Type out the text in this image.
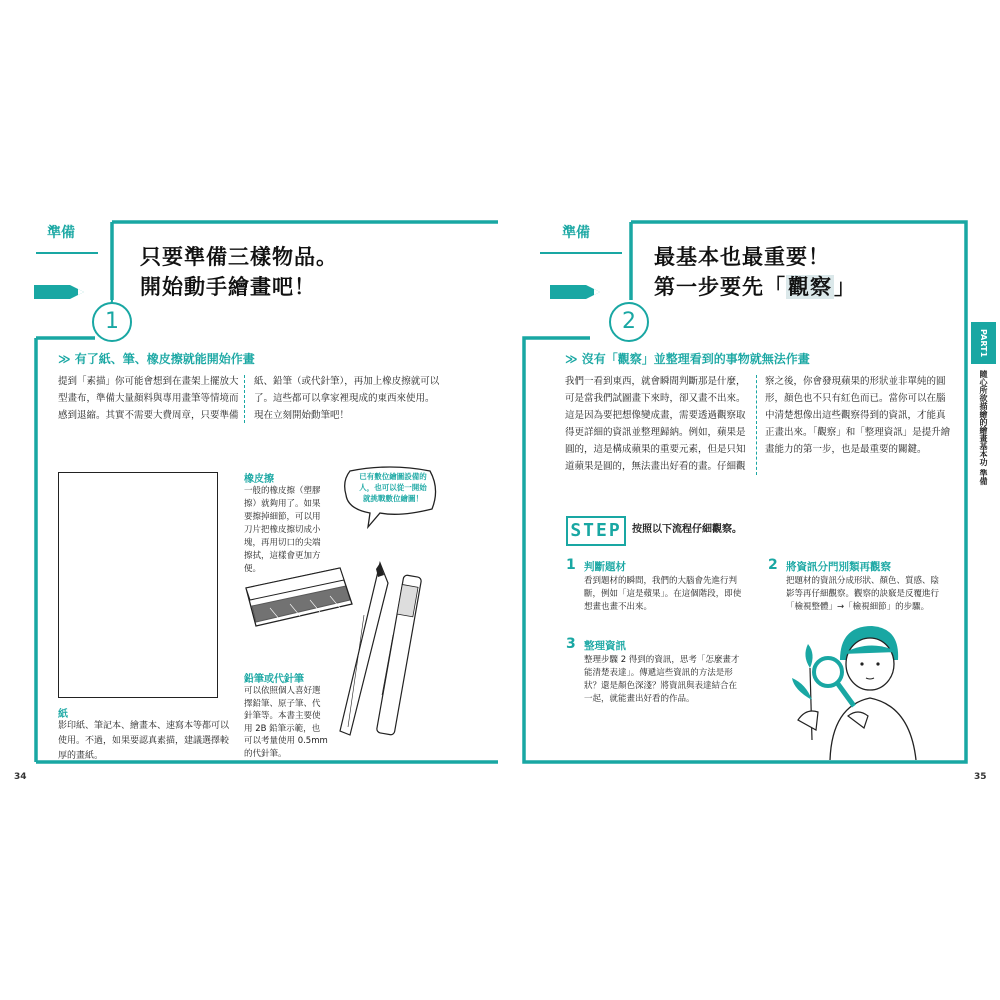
準備
1
只要準備三樣物品。
開始動手繪畫吧！
≫ 有了紙、筆、橡皮擦就能開始作畫
提到「素描」你可能會想到在畫架上擺放大
型畫布，準備大量顏料與專用畫筆等情境而
感到退縮。其實不需要大費周章，只要準備
紙、鉛筆（或代針筆），再加上橡皮擦就可以
了。這些都可以拿家裡現成的東西來使用。
現在立刻開始動筆吧！
紙
影印紙、筆記本、繪畫本、速寫本等都可以
使用。不過，如果要認真素描，建議選擇較
厚的畫紙。
橡皮擦
一般的橡皮擦（塑膠
擦）就夠用了。如果
要擦掉細節，可以用
刀片把橡皮擦切成小
塊，再用切口的尖端
擦拭，這樣會更加方
便。
已有數位繪圖設備的
人，也可以從一開始
就挑戰數位繪圖！
鉛筆或代針筆
可以依照個人喜好選
擇鉛筆、原子筆、代
針筆等。本書主要使
用 2B 鉛筆示範，也
可以考量使用 0.5mm
的代針筆。
34
準備
2
最基本也最重要！
第一步要先「觀察」
≫ 沒有「觀察」並整理看到的事物就無法作畫
我們一看到東西，就會瞬間判斷那是什麼，
可是當我們試圖畫下來時，卻又畫不出來。
這是因為要把想像變成畫，需要透過觀察取
得更詳細的資訊並整理歸納。例如，蘋果是
圓的，這是構成蘋果的重要元素，但是只知
道蘋果是圓的，無法畫出好看的畫。仔細觀
察之後，你會發現蘋果的形狀並非單純的圓
形，顏色也不只有紅色而已。當你可以在腦
中清楚想像出這些觀察得到的資訊，才能真
正畫出來。「觀察」和「整理資訊」是提升繪
畫能力的第一步，也是最重要的關鍵。
STEP	按照以下流程仔細觀察。
1 判斷題材
看到題材的瞬間，我們的大腦會先進行判
斷，例如「這是蘋果」。在這個階段，即使
想畫也畫不出來。
2 將資訊分門別類再觀察
把題材的資訊分成形狀、顏色、質感、陰
影等再仔細觀察。觀察的訣竅是反覆進行
「檢視整體」→「檢視細節」的步驟。
3 整理資訊
整理步驟 2 得到的資訊，思考「怎麼畫才
能清楚表達」。傳遞這些資訊的方法是形
狀？還是顏色深淺？將資訊與表達結合在
一起，就能畫出好看的作品。
PART1
隨心所欲描繪的繪畫基本功 準備
35
